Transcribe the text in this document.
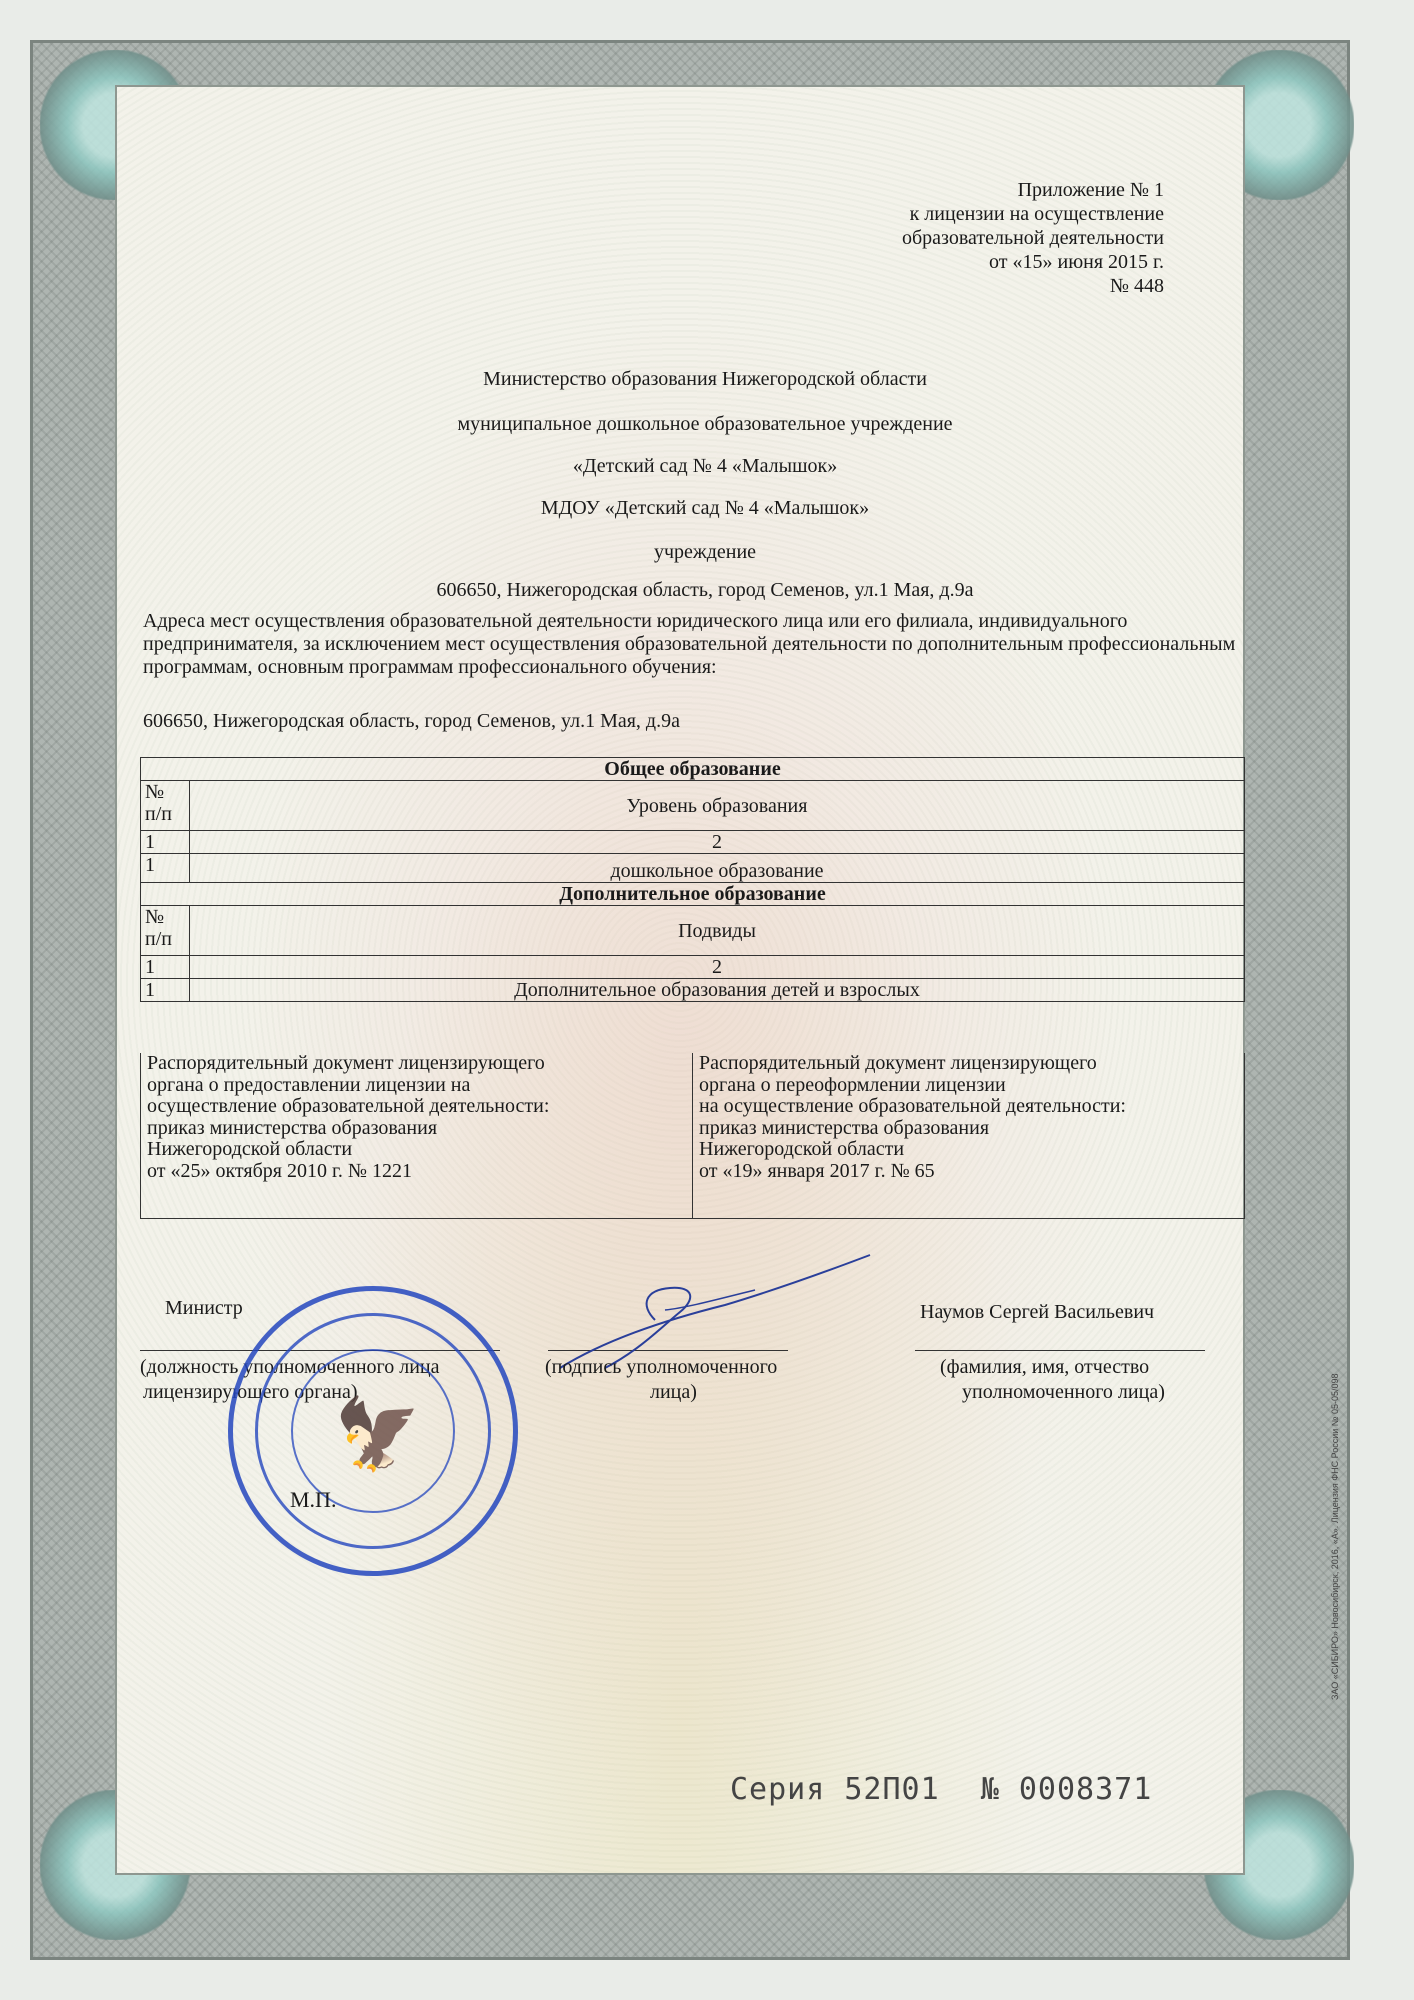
Приложение № 1
к лицензии на осуществление
образовательной деятельности
от «15» июня 2015 г.
№ 448
Министерство образования Нижегородской области
муниципальное дошкольное образовательное учреждение
«Детский сад № 4 «Малышок»
МДОУ «Детский сад № 4 «Малышок»
учреждение
606650, Нижегородская область, город Семенов, ул.1 Мая, д.9а
Адреса мест осуществления образовательной деятельности юридического лица или его филиала, индивидуального предпринимателя, за исключением мест осуществления образовательной деятельности по дополнительным профессиональным программам, основным программам профессионального обучения:
606650, Нижегородская область, город Семенов, ул.1 Мая, д.9а
Общее образование	
№ п/п	Уровень образования
1	2
1	дошкольное образование
Дополнительное образование	
№ п/п	Подвиды
1	2
1	Дополнительное образования детей и взрослых
Распорядительный документ лицензирующего
органа о предоставлении лицензии на
осуществление образовательной деятельности:
приказ министерства образования
Нижегородской области
от «25» октября 2010 г. № 1221
Распорядительный документ лицензирующего
органа о переоформлении лицензии
на осуществление образовательной деятельности:
приказ министерства образования
Нижегородской области
от «19» января 2017 г. № 65
Министр
(должность уполномоченного лица
лицензирующего органа)
(подпись уполномоченного
лица)
Наумов Сергей Васильевич
(фамилия, имя, отчество
уполномоченного лица)
🦅
М.П.
Серия 52П01 № 0008371
ЗАО «СИБИРО» Новосибирск, 2016, «А». Лицензия ФНС России № 05-05/098
